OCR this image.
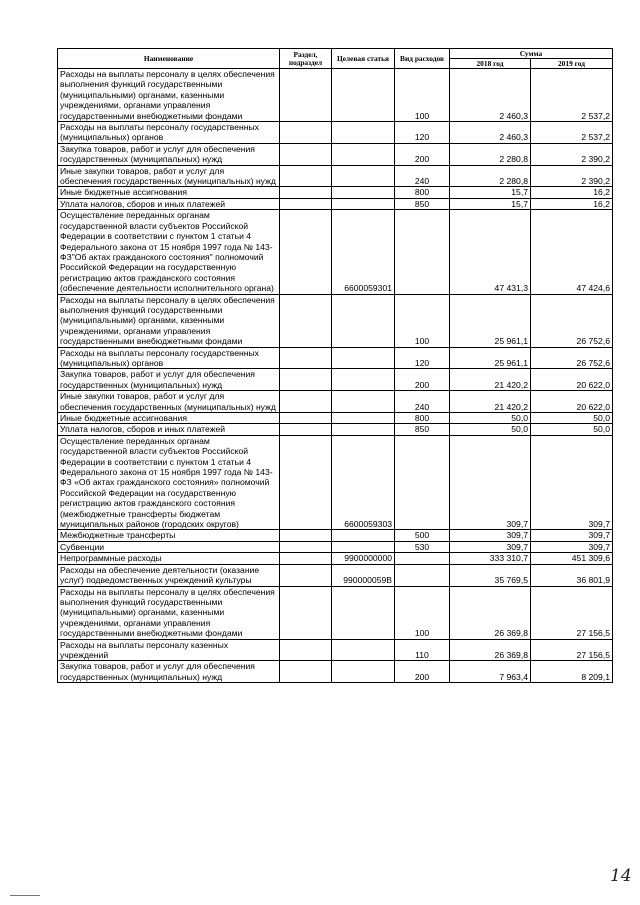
Наименование	Раздел, подраздел	Целевая статья	Вид расходов	Сумма	
				2018 год	2019 год
Расходы на выплаты персоналу в целях обеспечения выполнения функций государственными (муниципальными) органами, казенными учреждениями, органами управления государственными внебюджетными фондами			100	2 460,3	2 537,2
Расходы на выплаты персоналу государственных (муниципальных) органов			120	2 460,3	2 537,2
Закупка товаров, работ и услуг для обеспечения государственных (муниципальных) нужд			200	2 280,8	2 390,2
Иные закупки товаров, работ и услуг для обеспечения государственных (муниципальных) нужд			240	2 280,8	2 390,2
Иные бюджетные ассигнования			800	15,7	16,2
Уплата налогов, сборов и иных платежей			850	15,7	16,2
Осуществление переданных органам государственной власти субъектов Российской Федерации в соответствии с пунктом 1 статьи 4 Федерального закона от 15 ноября 1997 года № 143-ФЗ"Об актах гражданского состояния" полномочий Российской Федерации на государственную регистрацию актов гражданского состояния (обеспечение деятельности исполнительного органа)		6600059301		47 431,3	47 424,6
Расходы на выплаты персоналу в целях обеспечения выполнения функций государственными (муниципальными) органами, казенными учреждениями, органами управления государственными внебюджетными фондами			100	25 961,1	26 752,6
Расходы на выплаты персоналу государственных (муниципальных) органов			120	25 961,1	26 752,6
Закупка товаров, работ и услуг для обеспечения государственных (муниципальных) нужд			200	21 420,2	20 622,0
Иные закупки товаров, работ и услуг для обеспечения государственных (муниципальных) нужд			240	21 420,2	20 622,0
Иные бюджетные ассигнования			800	50,0	50,0
Уплата налогов, сборов и иных платежей			850	50,0	50,0
Осуществление переданных органам государственной власти субъектов Российской Федерации в соответствии с пунктом 1 статьи 4 Федерального закона от 15 ноября 1997 года № 143-ФЗ «Об актах гражданского состояния» полномочий Российской Федерации на государственную регистрацию актов гражданского состояния (межбюджетные трансферты бюджетам муниципальных районов (городских округов)		6600059303		309,7	309,7
Межбюджетные трансферты			500	309,7	309,7
Субвенции			530	309,7	309,7
Непрограммные расходы		9900000000		333 310,7	451 309,6
Расходы на обеспечение деятельности (оказание услуг) подведомственных учреждений культуры		990000059В		35 769,5	36 801,9
Расходы на выплаты персоналу в целях обеспечения выполнения функций государственными (муниципальными) органами, казенными учреждениями, органами управления государственными внебюджетными фондами			100	26 369,8	27 156,5
Расходы на выплаты персоналу казенных учреждений			110	26 369,8	27 156,5
Закупка товаров, работ и услуг для обеспечения государственных (муниципальных) нужд			200	7 963,4	8 209,1
14
